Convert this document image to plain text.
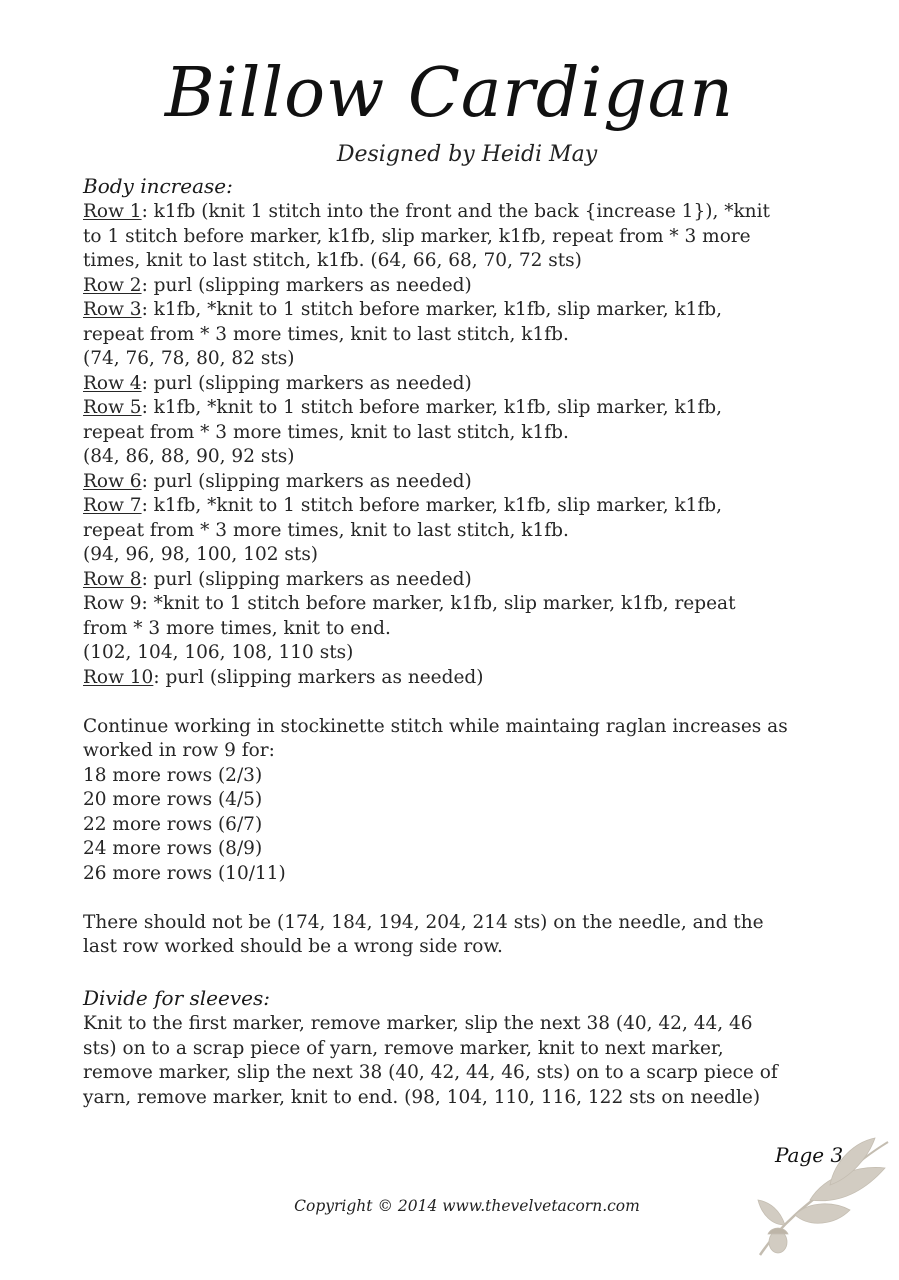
Billow Cardigan
Designed by Heidi May
Body increase:
Row 1: k1fb (knit 1 stitch into the front and the back {increase 1}), *knit
to 1 stitch before marker, k1fb, slip marker, k1fb, repeat from * 3 more
times, knit to last stitch, k1fb. (64, 66, 68, 70, 72 sts)
Row 2: purl (slipping markers as needed)
Row 3: k1fb, *knit to 1 stitch before marker, k1fb, slip marker, k1fb,
repeat from * 3 more times, knit to last stitch, k1fb.
(74, 76, 78, 80, 82 sts)
Row 4: purl (slipping markers as needed)
Row 5: k1fb, *knit to 1 stitch before marker, k1fb, slip marker, k1fb,
repeat from * 3 more times, knit to last stitch, k1fb.
(84, 86, 88, 90, 92 sts)
Row 6: purl (slipping markers as needed)
Row 7: k1fb, *knit to 1 stitch before marker, k1fb, slip marker, k1fb,
repeat from * 3 more times, knit to last stitch, k1fb.
(94, 96, 98, 100, 102 sts)
Row 8: purl (slipping markers as needed)
Row 9: *knit to 1 stitch before marker, k1fb, slip marker, k1fb, repeat
from * 3 more times, knit to end.
(102, 104, 106, 108, 110 sts)
Row 10: purl (slipping markers as needed)
Continue working in stockinette stitch while maintaing raglan increases as
worked in row 9 for:
18 more rows (2/3)
20 more rows (4/5)
22 more rows (6/7)
24 more rows (8/9)
26 more rows (10/11)
There should not be (174, 184, 194, 204, 214 sts) on the needle, and the
last row worked should be a wrong side row.
Divide for sleeves:
Knit to the first marker, remove marker, slip the next 38 (40, 42, 44, 46
sts) on to a scrap piece of yarn, remove marker, knit to next marker,
remove marker, slip the next 38 (40, 42, 44, 46, sts) on to a scarp piece of
yarn, remove marker, knit to end. (98, 104, 110, 116, 122 sts on needle)
Page 3
Copyright © 2014 www.thevelvetacorn.com
